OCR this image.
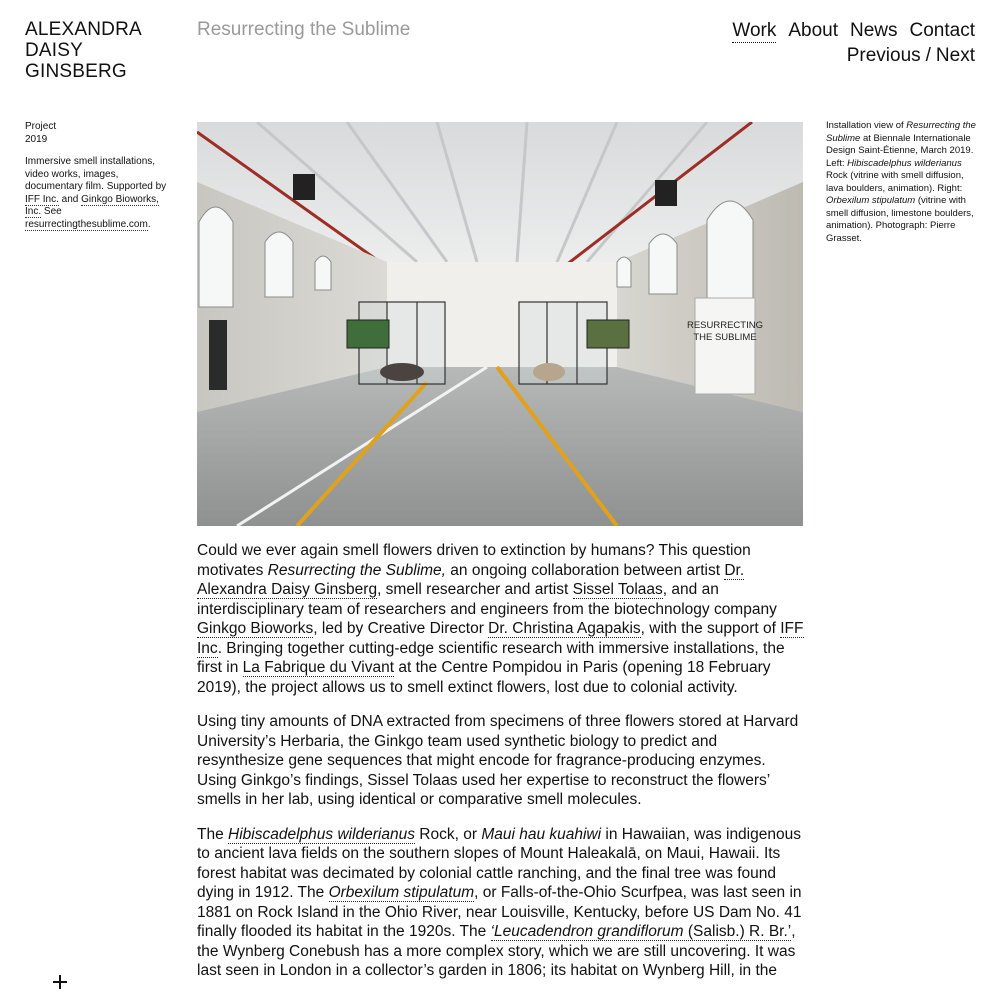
ALEXANDRA
DAISY
GINSBERG
Resurrecting the Sublime	Work About News Contact
Previous / Next
Project
2019
Immersive smell installations, video works, images, documentary film. Supported by IFF Inc. and Ginkgo Bioworks, Inc. See resurrectingthesublime.com.
RESURRECTING
THE SUBLIME
Installation view of Resurrecting the Sublime at Biennale Internationale Design Saint-Étienne, March 2019. Left: Hibiscadelphus wilderianus Rock (vitrine with smell diffusion, lava boulders, animation). Right: Orbexilum stipulatum (vitrine with smell diffusion, limestone boulders, animation). Photograph: Pierre Grasset.

Could we ever again smell flowers driven to extinction by humans? This question motivates Resurrecting the Sublime, an ongoing collaboration between artist Dr. Alexandra Daisy Ginsberg, smell researcher and artist Sissel Tolaas, and an interdisciplinary team of researchers and engineers from the biotechnology company Ginkgo Bioworks, led by Creative Director Dr. Christina Agapakis, with the support of IFF Inc. Bringing together cutting-edge scientific research with immersive installations, the first in La Fabrique du Vivant at the Centre Pompidou in Paris (opening 18 February 2019), the project allows us to smell extinct flowers, lost due to colonial activity.

Using tiny amounts of DNA extracted from specimens of three flowers stored at Harvard University’s Herbaria, the Ginkgo team used synthetic biology to predict and resynthesize gene sequences that might encode for fragrance-producing enzymes. Using Ginkgo’s findings, Sissel Tolaas used her expertise to reconstruct the flowers’ smells in her lab, using identical or comparative smell molecules.

The Hibiscadelphus wilderianus Rock, or Maui hau kuahiwi in Hawaiian, was indigenous to ancient lava fields on the southern slopes of Mount Haleakalā, on Maui, Hawaii. Its forest habitat was decimated by colonial cattle ranching, and the final tree was found dying in 1912. The Orbexilum stipulatum, or Falls-of-the-Ohio Scurfpea, was last seen in 1881 on Rock Island in the Ohio River, near Louisville, Kentucky, before US Dam No. 41 finally flooded its habitat in the 1920s. The ‘Leucadendron grandiflorum (Salisb.) R. Br.’, the Wynberg Conebush has a more complex story, which we are still uncovering. It was last seen in London in a collector’s garden in 1806; its habitat on Wynberg Hill, in the
